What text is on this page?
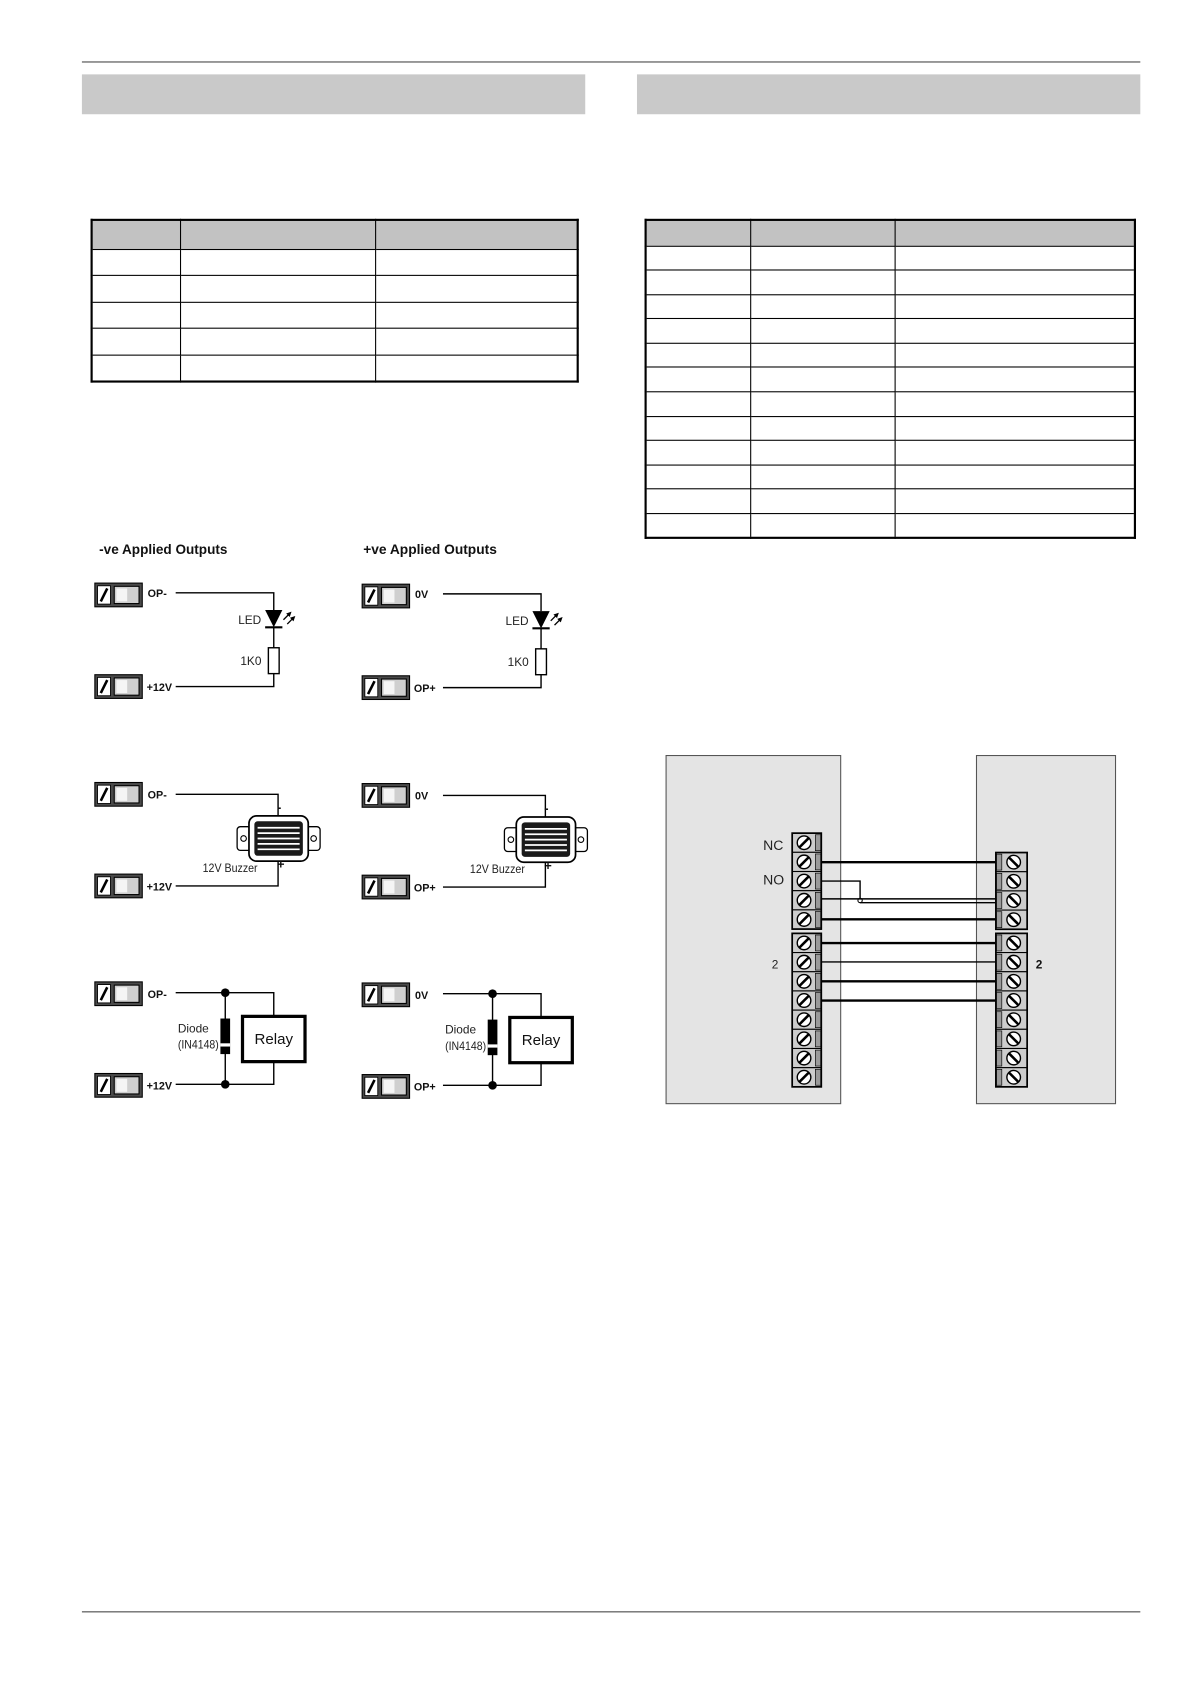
-ve Applied Outputs
OP-
LED
1K0
+12V
OP-
-
12V Buzzer +
+12V
OP-
Relay
Diode
(IN4148)
+12V
+ve Applied Outputs
0V
LED
1K0
OP+
0V
-
12V Buzzer +
OP+
0V
Relay
Diode
(IN4148)
OP+
NC
NO
2	2
